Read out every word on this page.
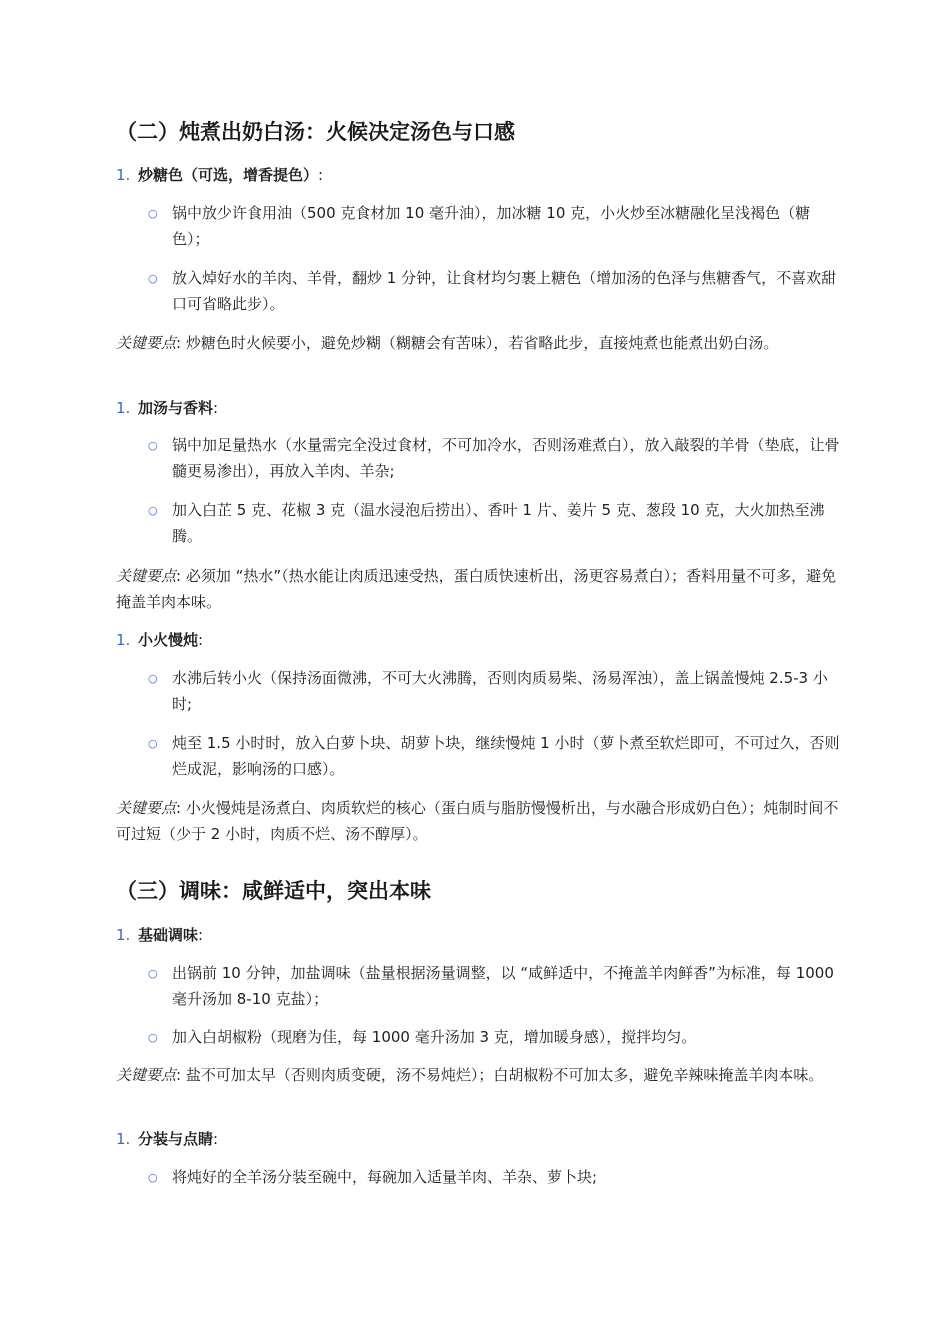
（二）炖煮出奶白汤：火候决定汤色与口感
1. 炒糖色（可选，增香提色）:
○ 锅中放少许食用油（500 克食材加 10 毫升油），加冰糖 10 克，小火炒至冰糖融化呈浅褐色（糖色）；
○ 放入焯好水的羊肉、羊骨，翻炒 1 分钟，让食材均匀裹上糖色（增加汤的色泽与焦糖香气，不喜欢甜口可省略此步）。
关键要点: 炒糖色时火候要小，避免炒糊（糊糖会有苦味），若省略此步，直接炖煮也能煮出奶白汤。
1. 加汤与香料:
○ 锅中加足量热水（水量需完全没过食材，不可加冷水，否则汤难煮白），放入敲裂的羊骨（垫底，让骨髓更易渗出），再放入羊肉、羊杂;
○ 加入白芷 5 克、花椒 3 克（温水浸泡后捞出）、香叶 1 片、姜片 5 克、葱段 10 克，大火加热至沸腾。
关键要点: 必须加 “热水”（热水能让肉质迅速受热，蛋白质快速析出，汤更容易煮白）；香料用量不可多，避免掩盖羊肉本味。
1. 小火慢炖:
○ 水沸后转小火（保持汤面微沸，不可大火沸腾，否则肉质易柴、汤易浑浊），盖上锅盖慢炖 2.5-3 小时;
○ 炖至 1.5 小时时，放入白萝卜块、胡萝卜块，继续慢炖 1 小时（萝卜煮至软烂即可，不可过久，否则烂成泥，影响汤的口感）。
关键要点: 小火慢炖是汤煮白、肉质软烂的核心（蛋白质与脂肪慢慢析出，与水融合形成奶白色）；炖制时间不可过短（少于 2 小时，肉质不烂、汤不醇厚）。
（三）调味：咸鲜适中，突出本味
1. 基础调味:
○ 出锅前 10 分钟，加盐调味（盐量根据汤量调整，以 “咸鲜适中，不掩盖羊肉鲜香”为标准，每 1000 毫升汤加 8-10 克盐）；
○ 加入白胡椒粉（现磨为佳，每 1000 毫升汤加 3 克，增加暖身感），搅拌均匀。
关键要点: 盐不可加太早（否则肉质变硬，汤不易炖烂）；白胡椒粉不可加太多，避免辛辣味掩盖羊肉本味。
1. 分装与点睛:
○ 将炖好的全羊汤分装至碗中，每碗加入适量羊肉、羊杂、萝卜块;
